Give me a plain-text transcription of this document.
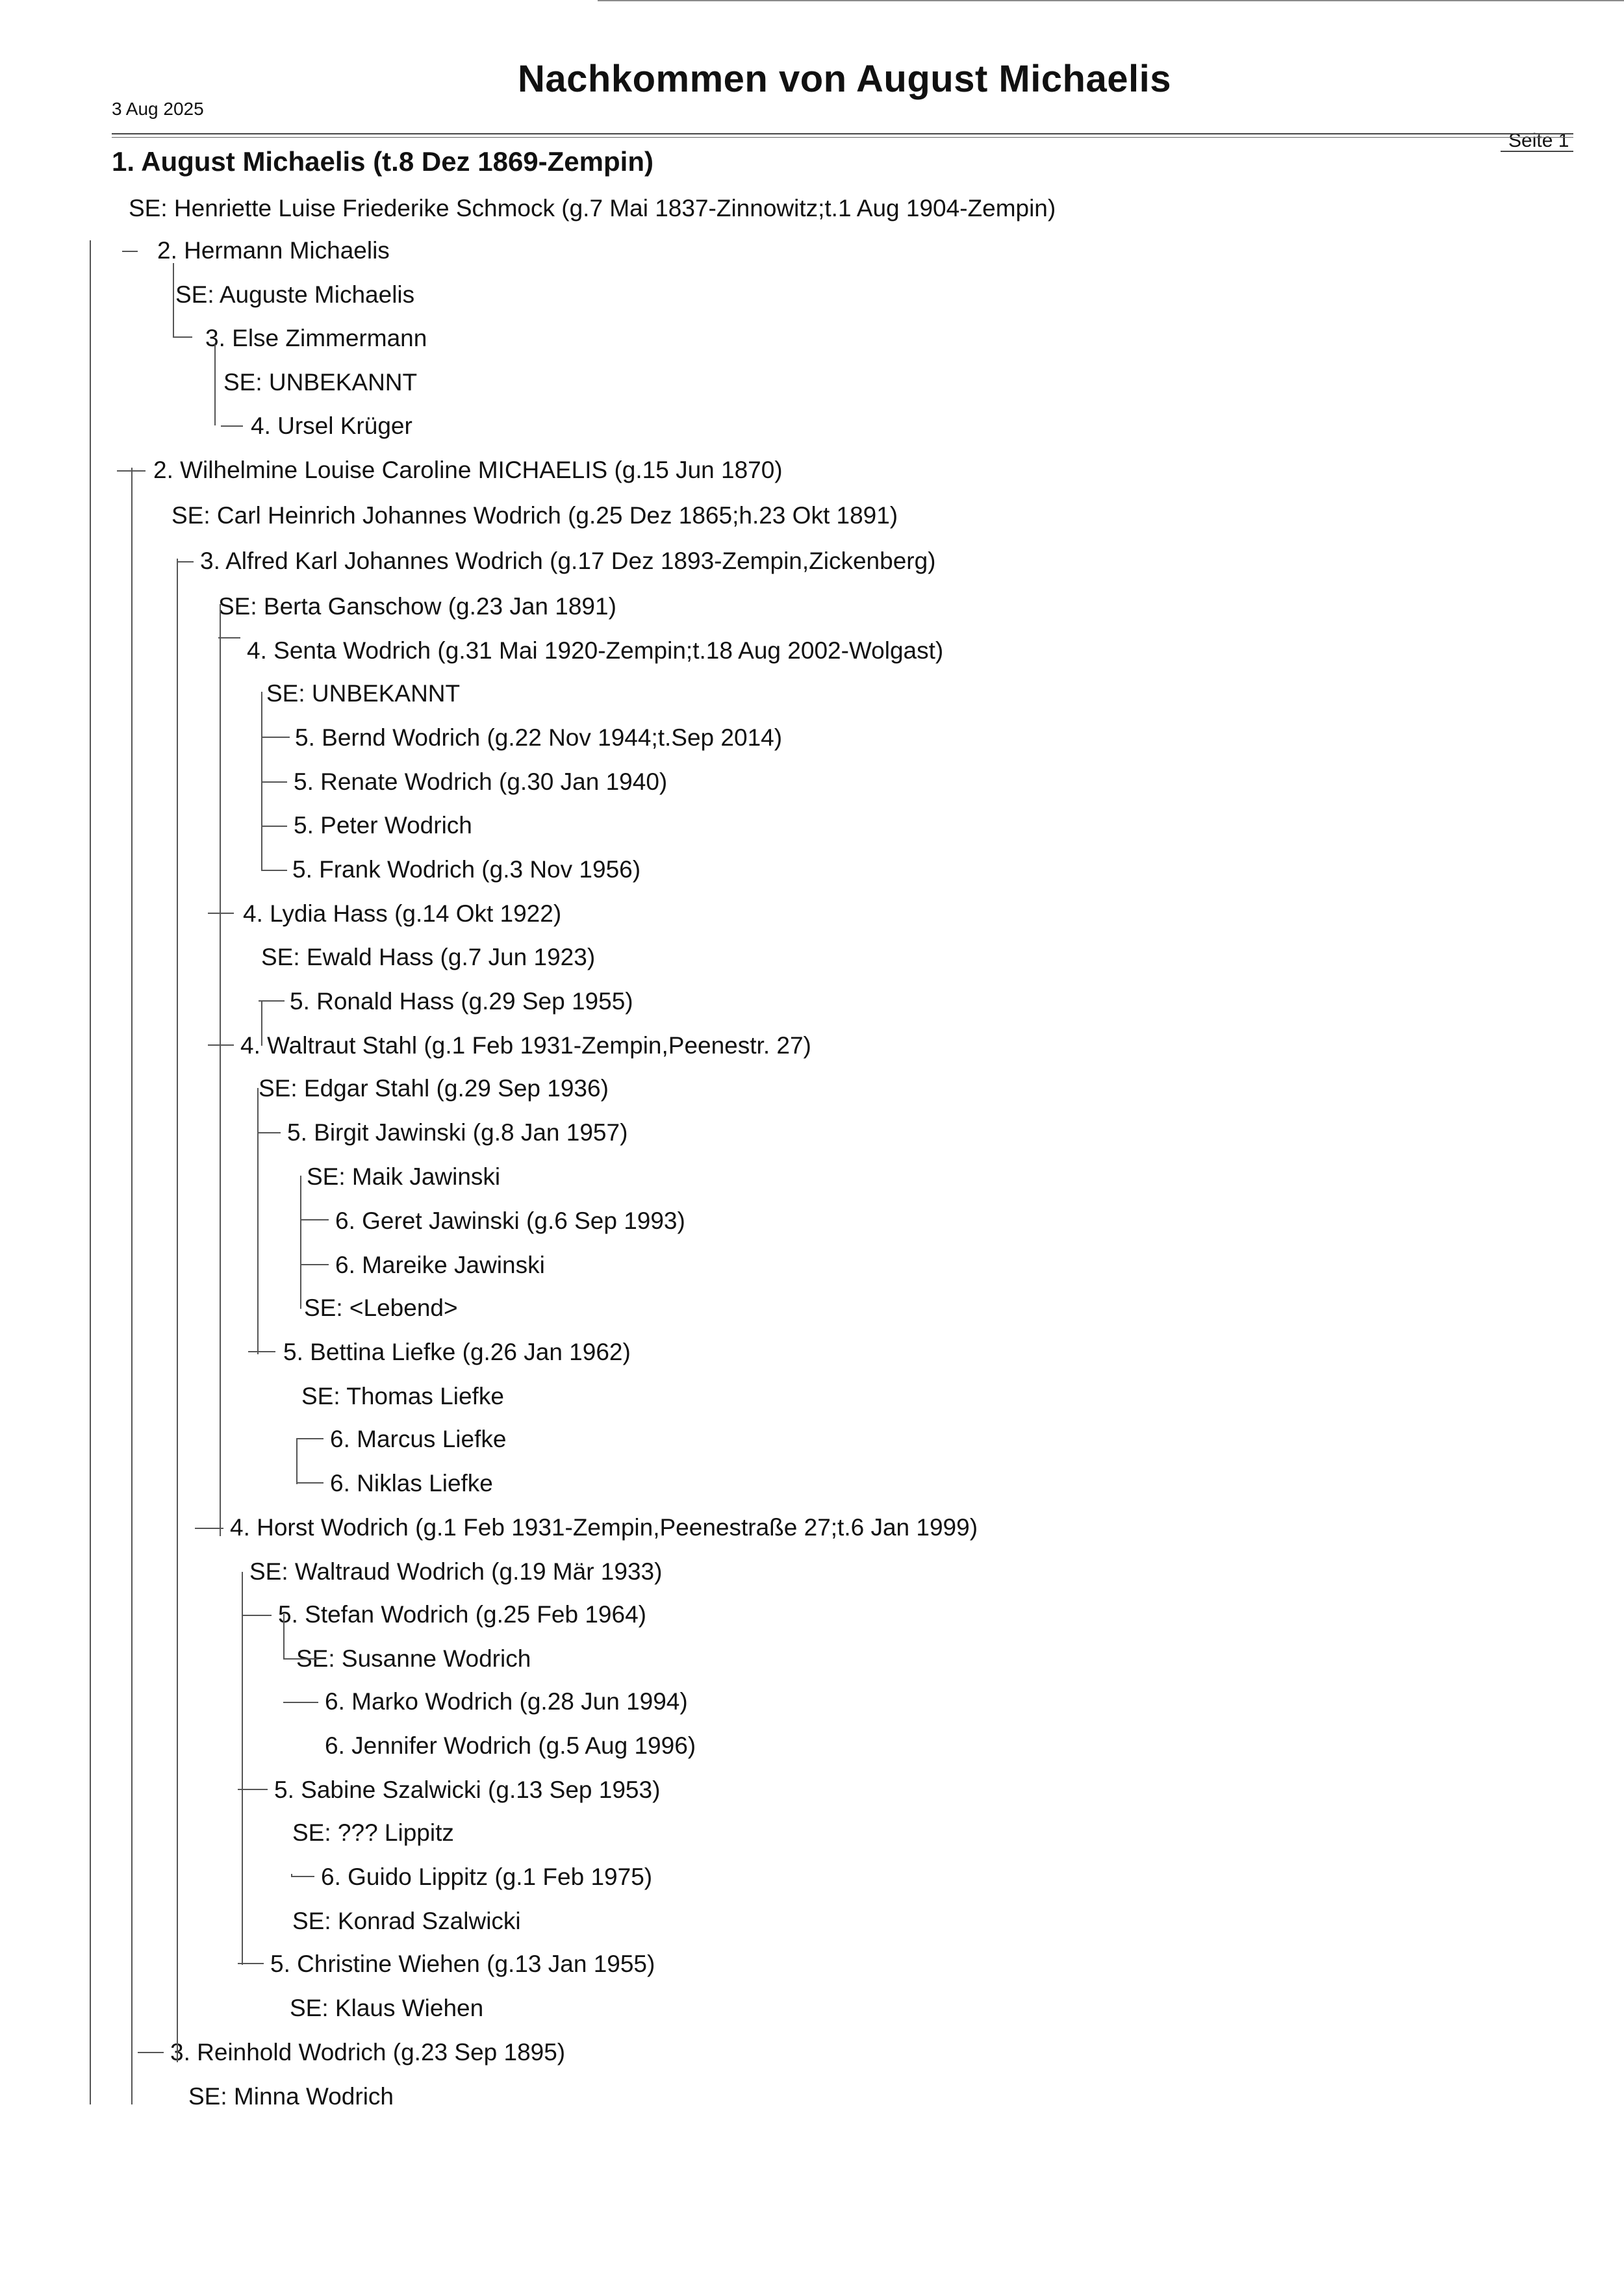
Nachkommen von August Michaelis
3 Aug 2025
Seite 1
1. August Michaelis (t.8 Dez 1869-Zempin)
SE: Henriette Luise Friederike Schmock (g.7 Mai 1837-Zinnowitz;t.1 Aug 1904-Zempin)
2. Hermann Michaelis
SE: Auguste Michaelis
3. Else Zimmermann
SE: UNBEKANNT
4. Ursel Krüger
2. Wilhelmine Louise Caroline MICHAELIS (g.15 Jun 1870)
SE: Carl Heinrich Johannes Wodrich (g.25 Dez 1865;h.23 Okt 1891)
3. Alfred Karl Johannes Wodrich (g.17 Dez 1893-Zempin,Zickenberg)
SE: Berta Ganschow (g.23 Jan 1891)
4. Senta Wodrich (g.31 Mai 1920-Zempin;t.18 Aug 2002-Wolgast)
SE: UNBEKANNT
5. Bernd Wodrich (g.22 Nov 1944;t.Sep 2014)
5. Renate Wodrich (g.30 Jan 1940)
5. Peter Wodrich
5. Frank Wodrich (g.3 Nov 1956)
4. Lydia Hass (g.14 Okt 1922)
SE: Ewald Hass (g.7 Jun 1923)
5. Ronald Hass (g.29 Sep 1955)
4. Waltraut Stahl (g.1 Feb 1931-Zempin,Peenestr. 27)
SE: Edgar Stahl (g.29 Sep 1936)
5. Birgit Jawinski (g.8 Jan 1957)
SE: Maik Jawinski
6. Geret Jawinski (g.6 Sep 1993)
6. Mareike Jawinski
SE: <Lebend>
5. Bettina Liefke (g.26 Jan 1962)
SE: Thomas Liefke
6. Marcus Liefke
6. Niklas Liefke
4. Horst Wodrich (g.1 Feb 1931-Zempin,Peenestraße 27;t.6 Jan 1999)
SE: Waltraud Wodrich (g.19 Mär 1933)
5. Stefan Wodrich (g.25 Feb 1964)
SE: Susanne Wodrich
6. Marko Wodrich (g.28 Jun 1994)
6. Jennifer Wodrich (g.5 Aug 1996)
5. Sabine Szalwicki (g.13 Sep 1953)
SE: ??? Lippitz
6. Guido Lippitz (g.1 Feb 1975)
SE: Konrad Szalwicki
5. Christine Wiehen (g.13 Jan 1955)
SE: Klaus Wiehen
3. Reinhold Wodrich (g.23 Sep 1895)
SE: Minna Wodrich
